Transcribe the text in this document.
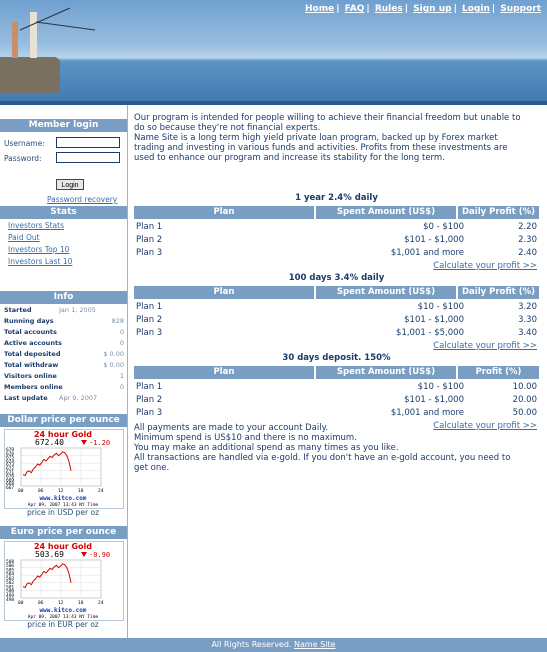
Home | FAQ | Rules | Sign up | Login | Support
Member login
Username:
Password:
Login
Password recovery
Stats
Investors Stats
Paid Out
Investors Top 10
Investors Last 10
Info
Started	Jan 1, 2005
Running days	828
Total accounts	0
Active accounts	0
Total deposited	$ 0.00
Total withdraw	$ 0.00
Visitors online	1
Members online	0
Last update Apr 9, 2007
Dollar price per ounce
24 hour Gold
672.40	-1.20
679
676
675
674
673
672
671
670
669
668
667
00	06	12	18	24
www.kitco.com
Apr 09, 2007 13:43 NY Time
price in USD per oz
Euro price per ounce
24 hour Gold
503.69	-0.90
508
506
505
504
503
502
501
500
499
498
00	06	12	18	24
www.kitco.com
Apr 09, 2007 13:43 NY Time
price in EUR per oz
Our program is intended for people willing to achieve their financial freedom but unable to
do so because they're not financial experts.
Name Site is a long term high yield private loan program, backed up by Forex market
trading and investing in various funds and activities. Profits from these investments are
used to enhance our program and increase its stability for the long term.
1 year 2.4% daily
Plan	Spent Amount (US$)	Daily Profit (%)
Plan 1	$0 - $100	2.20
Plan 2	$101 - $1,000	2.30
Plan 3	$1,001 and more	2.40
Calculate your profit >>
100 days 3.4% daily
Plan	Spent Amount (US$)	Daily Profit (%)
Plan 1	$10 - $100	3.20
Plan 2	$101 - $1,000	3.30
Plan 3	$1,001 - $5,000	3.40
Calculate your profit >>
30 days deposit. 150%
Plan	Spent Amount (US$)	Profit (%)
Plan 1	$10 - $100	10.00
Plan 2	$101 - $1,000	20.00
Plan 3	$1,001 and more	50.00
Calculate your profit >>
All payments are made to your account Daily.
Minimum spend is US$10 and there is no maximum.
You may make an additional spend as many times as you like.
All transactions are handled via e-gold. If you don't have an e-gold account, you need to
get one.
All Rights Reserved. Name Site
